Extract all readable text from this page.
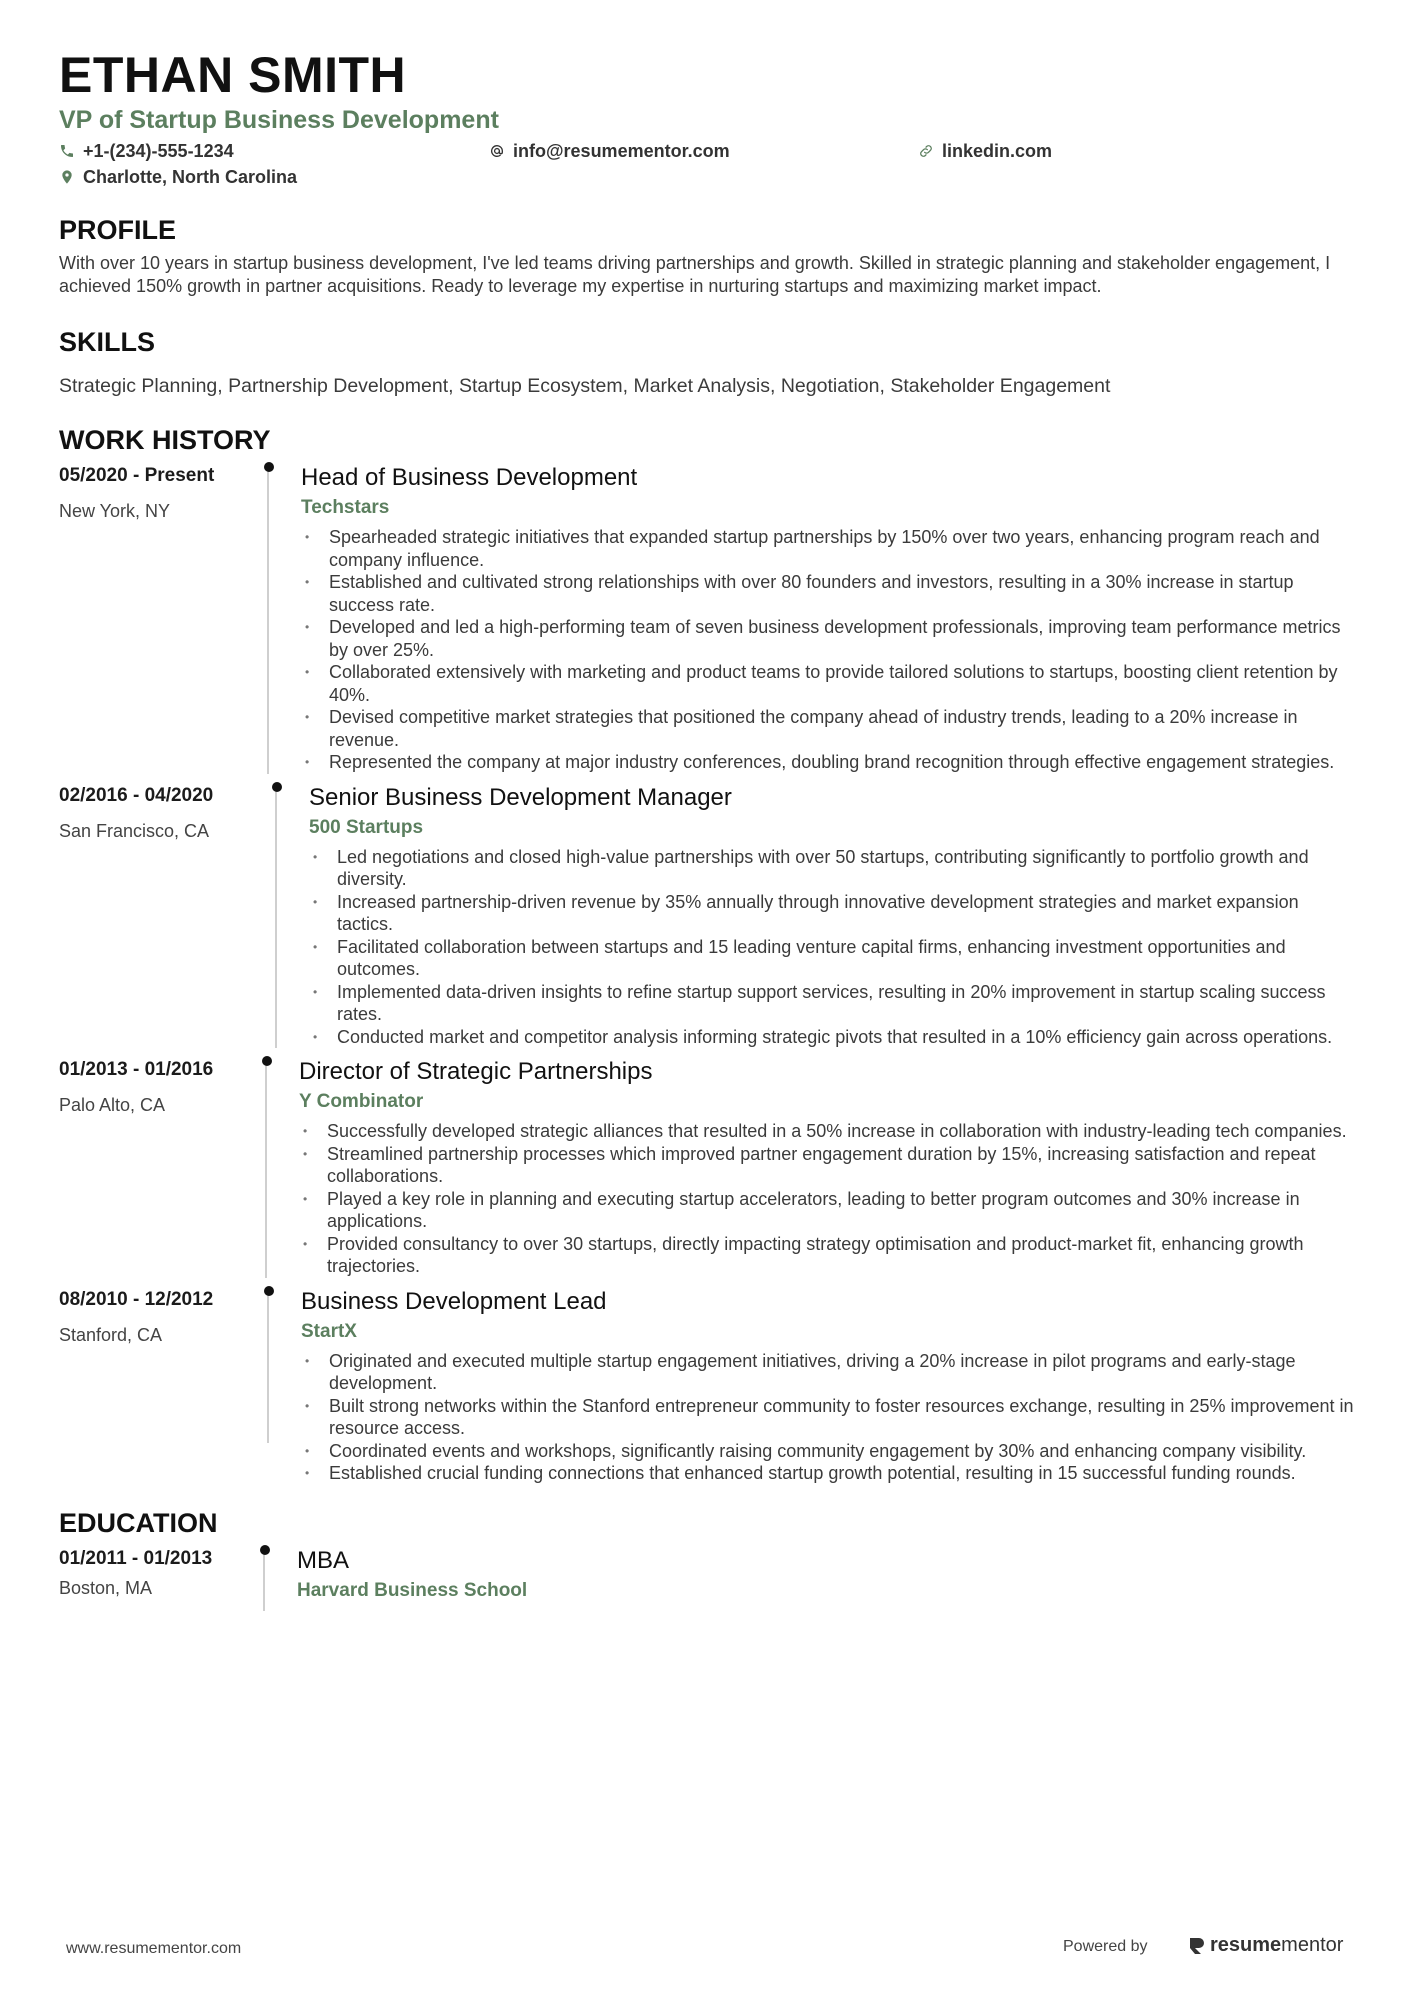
ETHAN SMITH
VP of Startup Business Development
+1-(234)-555-1234	info@resumementor.com	linkedin.com
Charlotte, North Carolina
PROFILE
With over 10 years in startup business development, I've led teams driving partnerships and growth. Skilled in strategic planning and stakeholder engagement, I achieved 150% growth in partner acquisitions. Ready to leverage my expertise in nurturing startups and maximizing market impact.
SKILLS
Strategic Planning, Partnership Development, Startup Ecosystem, Market Analysis, Negotiation, Stakeholder Engagement
WORK HISTORY
05/2020 - Present
New York, NY
Head of Business Development
Techstars
• Spearheaded strategic initiatives that expanded startup partnerships by 150% over two years, enhancing program reach and company influence.
• Established and cultivated strong relationships with over 80 founders and investors, resulting in a 30% increase in startup success rate.
• Developed and led a high-performing team of seven business development professionals, improving team performance metrics by over 25%.
• Collaborated extensively with marketing and product teams to provide tailored solutions to startups, boosting client retention by 40%.
• Devised competitive market strategies that positioned the company ahead of industry trends, leading to a 20% increase in revenue.
• Represented the company at major industry conferences, doubling brand recognition through effective engagement strategies.
02/2016 - 04/2020
San Francisco, CA
Senior Business Development Manager
500 Startups
• Led negotiations and closed high-value partnerships with over 50 startups, contributing significantly to portfolio growth and diversity.
• Increased partnership-driven revenue by 35% annually through innovative development strategies and market expansion tactics.
• Facilitated collaboration between startups and 15 leading venture capital firms, enhancing investment opportunities and outcomes.
• Implemented data-driven insights to refine startup support services, resulting in 20% improvement in startup scaling success rates.
• Conducted market and competitor analysis informing strategic pivots that resulted in a 10% efficiency gain across operations.
01/2013 - 01/2016
Palo Alto, CA
Director of Strategic Partnerships
Y Combinator
• Successfully developed strategic alliances that resulted in a 50% increase in collaboration with industry-leading tech companies.
• Streamlined partnership processes which improved partner engagement duration by 15%, increasing satisfaction and repeat collaborations.
• Played a key role in planning and executing startup accelerators, leading to better program outcomes and 30% increase in applications.
• Provided consultancy to over 30 startups, directly impacting strategy optimisation and product-market fit, enhancing growth trajectories.
08/2010 - 12/2012
Stanford, CA
Business Development Lead
StartX
• Originated and executed multiple startup engagement initiatives, driving a 20% increase in pilot programs and early-stage development.
• Built strong networks within the Stanford entrepreneur community to foster resources exchange, resulting in 25% improvement in resource access.
• Coordinated events and workshops, significantly raising community engagement by 30% and enhancing company visibility.
• Established crucial funding connections that enhanced startup growth potential, resulting in 15 successful funding rounds.
EDUCATION
01/2011 - 01/2013
Boston, MA
MBA
Harvard Business School
www.resumementor.com	Powered by	resume mentor
